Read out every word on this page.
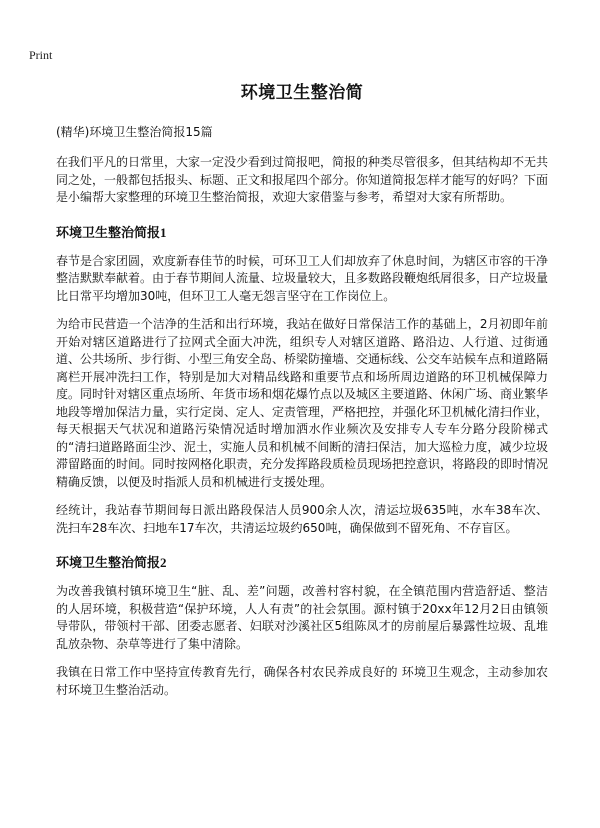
Print
环境卫生整治简
(精华)环境卫生整治简报15篇

在我们平凡的日常里，大家一定没少看到过简报吧，简报的种类尽管很多，但其结构却不无共同之处，一般都包括报头、标题、正文和报尾四个部分。你知道简报怎样才能写的好吗？下面是小编帮大家整理的环境卫生整治简报，欢迎大家借鉴与参考，希望对大家有所帮助。

环境卫生整治简报1

春节是合家团圆，欢度新春佳节的时候，可环卫工人们却放弃了休息时间，为辖区市容的干净整洁默默奉献着。由于春节期间人流量、垃圾量较大，且多数路段鞭炮纸屑很多，日产垃圾量比日常平均增加30吨，但环卫工人毫无怨言坚守在工作岗位上。

为给市民营造一个洁净的生活和出行环境，我站在做好日常保洁工作的基础上，2月初即年前开始对辖区道路进行了拉网式全面大冲洗，组织专人对辖区道路、路沿边、人行道、过街通道、公共场所、步行街、小型三角安全岛、桥梁防撞墙、交通标线、公交车站候车点和道路隔离栏开展冲洗扫工作，特别是加大对精品线路和重要节点和场所周边道路的环卫机械保障力度。同时针对辖区重点场所、年货市场和烟花爆竹点以及城区主要道路、休闲广场、商业繁华地段等增加保洁力量，实行定岗、定人、定责管理，严格把控，并强化环卫机械化清扫作业，每天根据天气状况和道路污染情况适时增加洒水作业频次及安排专人专车分路分段阶梯式的“清扫道路路面尘沙、泥土，实施人员和机械不间断的清扫保洁，加大巡检力度，减少垃圾滞留路面的时间。同时按网格化职责，充分发挥路段质检员现场把控意识，将路段的即时情况精确反馈，以便及时指派人员和机械进行支援处理。

经统计，我站春节期间每日派出路段保洁人员900余人次，清运垃圾635吨，水车38车次、洗扫车28车次、扫地车17车次，共清运垃圾约650吨，确保做到不留死角、不存盲区。

环境卫生整治简报2

为改善我镇村镇环境卫生“脏、乱、差”问题，改善村容村貌，在全镇范围内营造舒适、整洁的人居环境，积极营造“保护环境，人人有责”的社会氛围。源村镇于20xx年12月2日由镇领导带队，带领村干部、团委志愿者、妇联对沙溪社区5组陈凤才的房前屋后暴露性垃圾、乱堆乱放杂物、杂草等进行了集中清除。

我镇在日常工作中坚持宣传教育先行，确保各村农民养成良好的 环境卫生观念，主动参加农村环境卫生整治活动。
